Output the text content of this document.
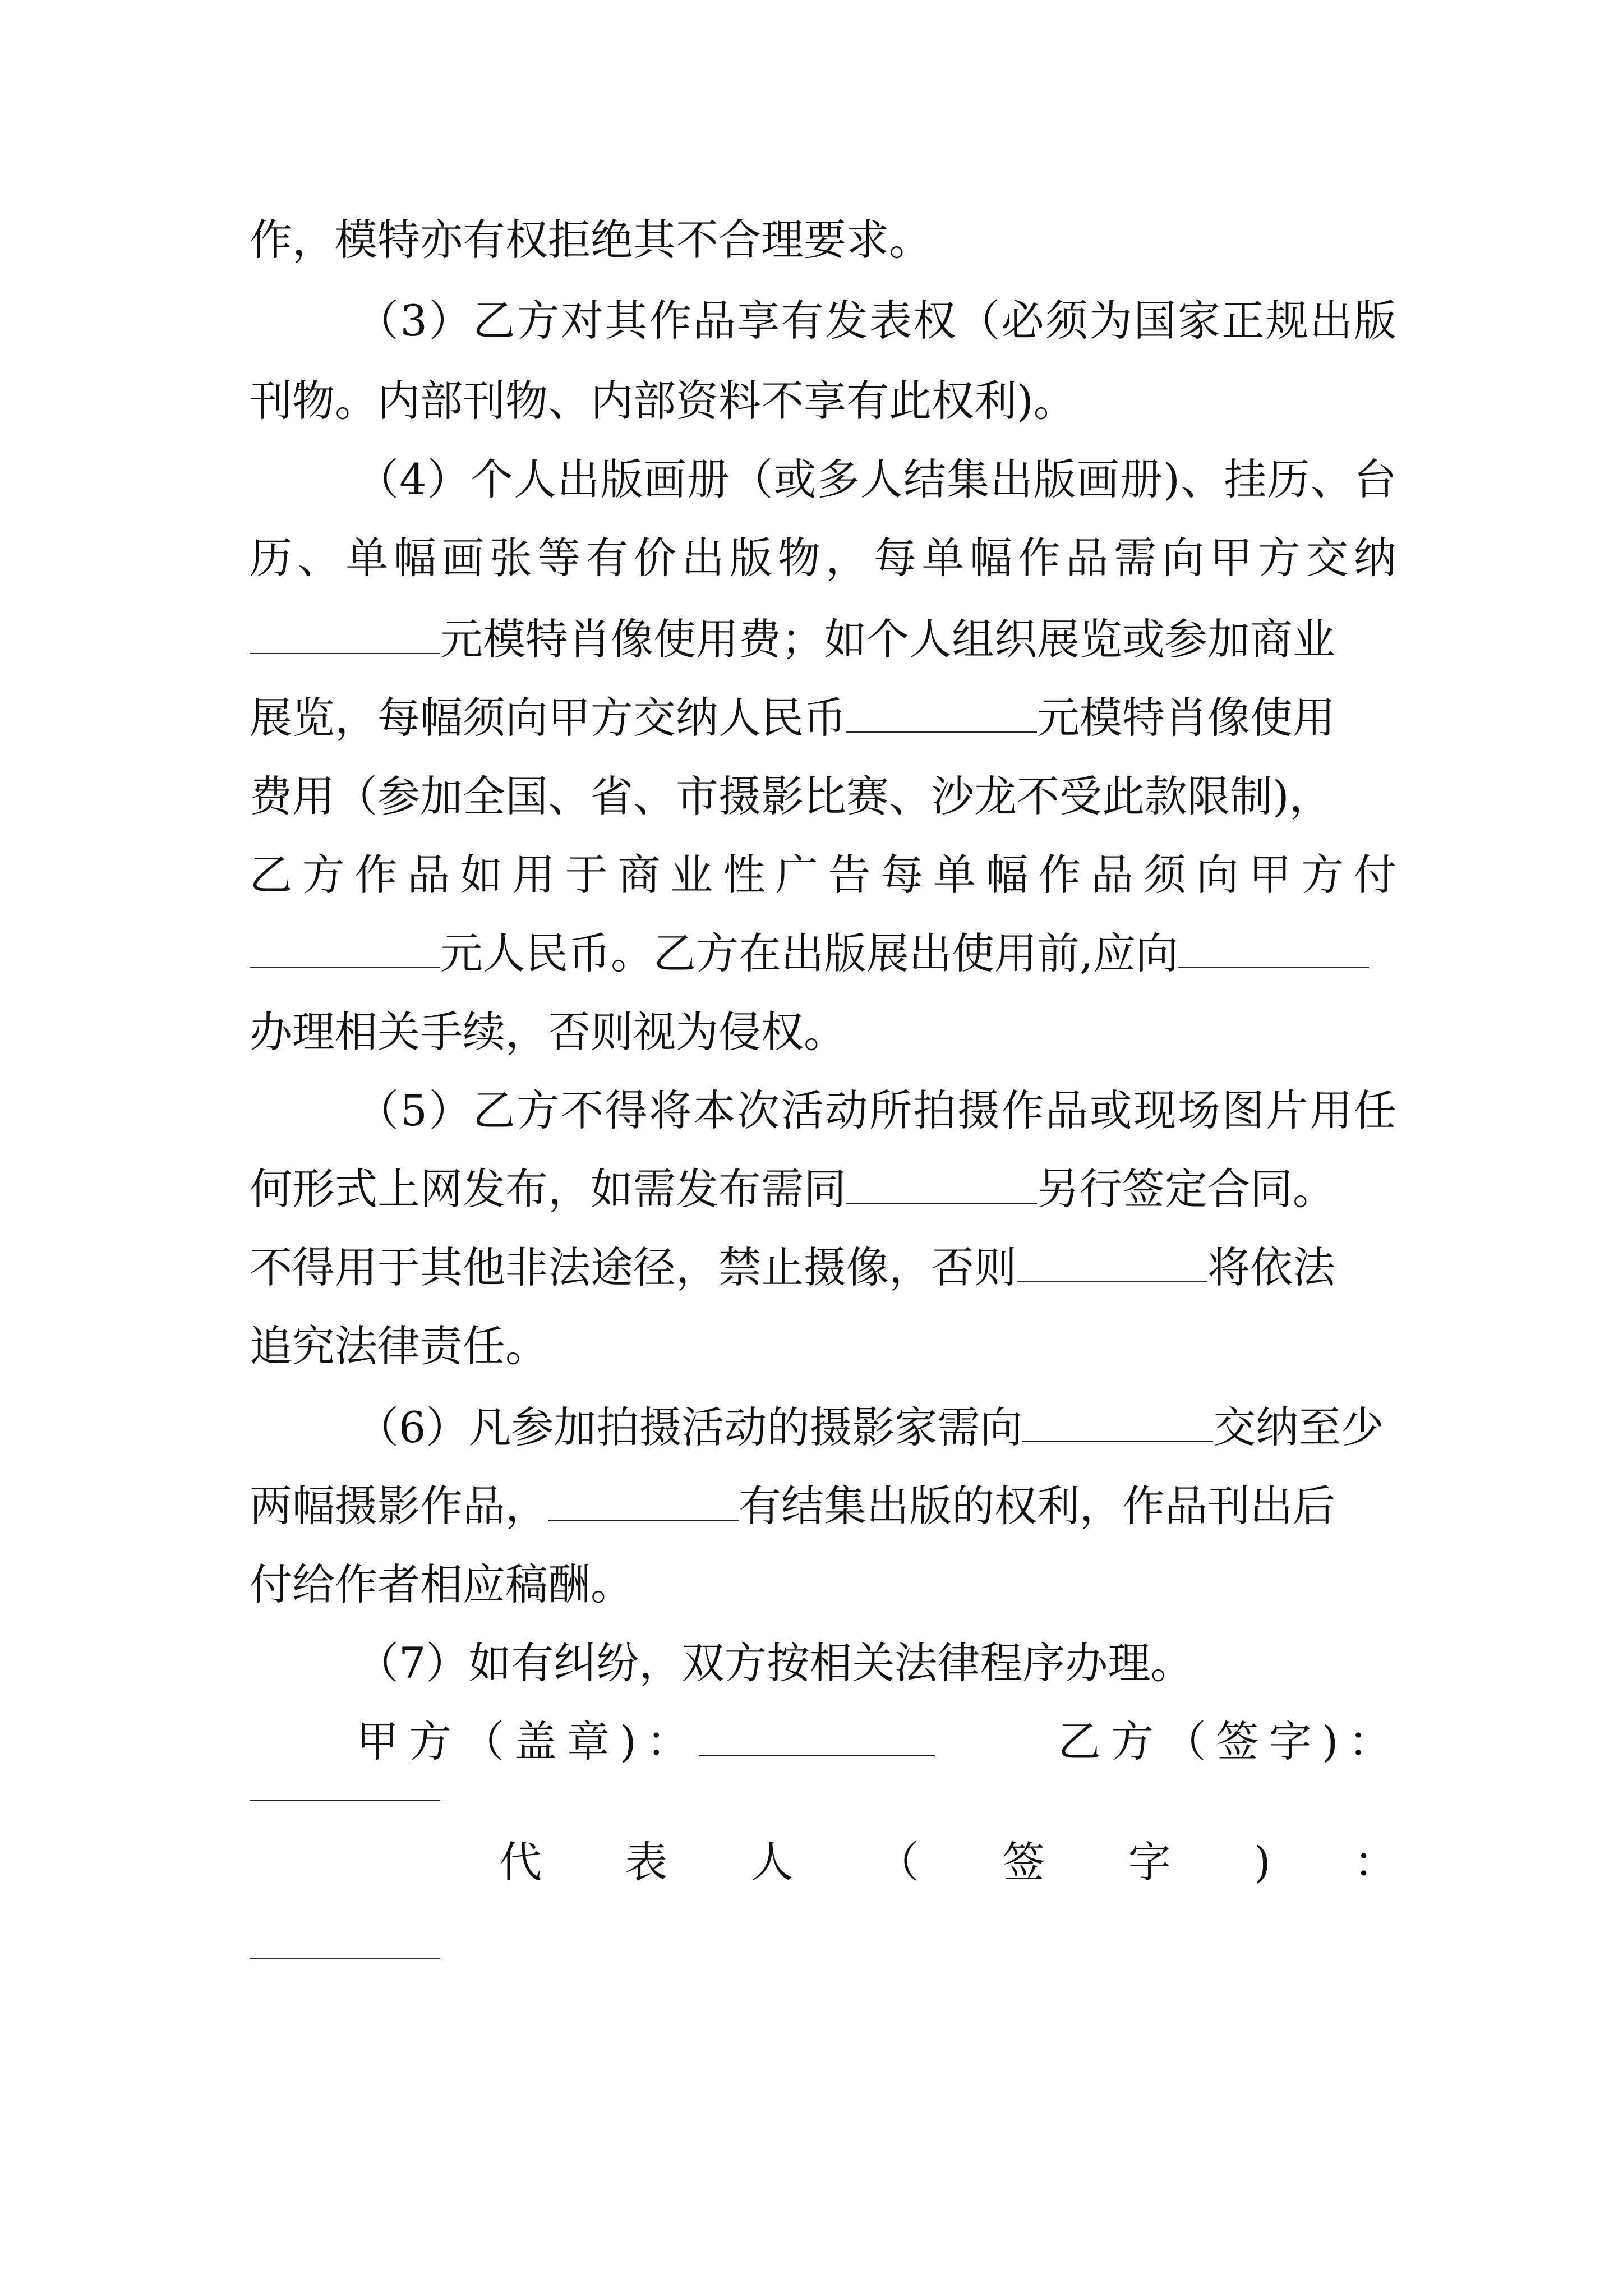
作，模特亦有权拒绝其不合理要求。
（3）乙方对其作品享有发表权（必须为国家正规出版
刊物。内部刊物、内部资料不享有此权利)。
（4）个人出版画册（或多人结集出版画册)、挂历、台
历、单幅画张等有价出版物，每单幅作品需向甲方交纳
元模特肖像使用费；如个人组织展览或参加商业
展览，每幅须向甲方交纳人民币	元模特肖像使用
费用（参加全国、省、市摄影比赛、沙龙不受此款限制)，
乙方作品如用于商业性广告每单幅作品须向甲方付
元人民币。乙方在出版展出使用前,应向
办理相关手续，否则视为侵权。
（5）乙方不得将本次活动所拍摄作品或现场图片用任
何形式上网发布，如需发布需同	另行签定合同。
不得用于其他非法途径，禁止摄像，否则	将依法
追究法律责任。
（6）凡参加拍摄活动的摄影家需向	交纳至少
两幅摄影作品，	有结集出版的权利，作品刊出后
付给作者相应稿酬。
（7）如有纠纷，双方按相关法律程序办理。
甲方（盖章)：	乙方（签字)：
代表人（签字)：
